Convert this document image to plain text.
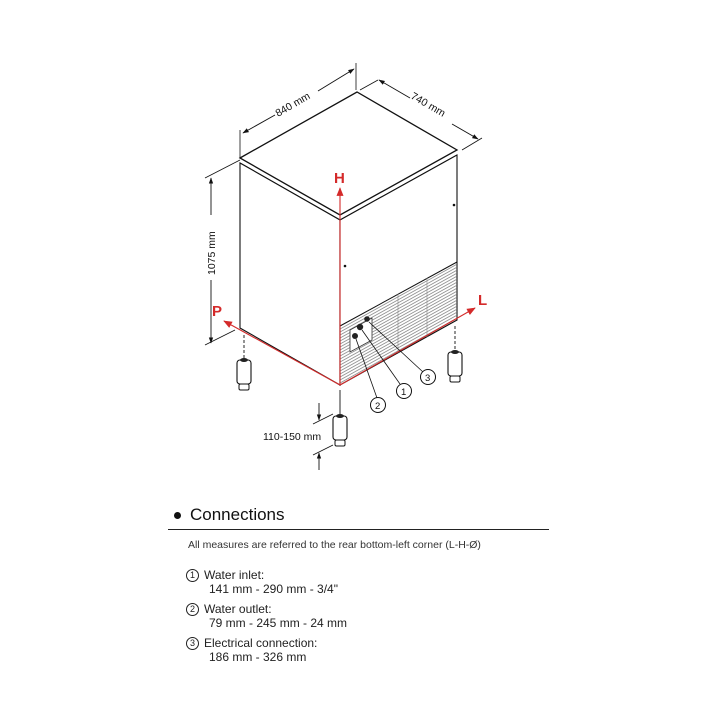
H
P
L
840 mm	740 mm
1075 mm
110-150 mm
2
1
3
Connections
All measures are referred to the rear bottom-left corner (L-H-Ø)
1 Water inlet:
141 mm - 290 mm - 3/4"
2 Water outlet:
79 mm - 245 mm - 24 mm
3 Electrical connection:
186 mm - 326 mm
